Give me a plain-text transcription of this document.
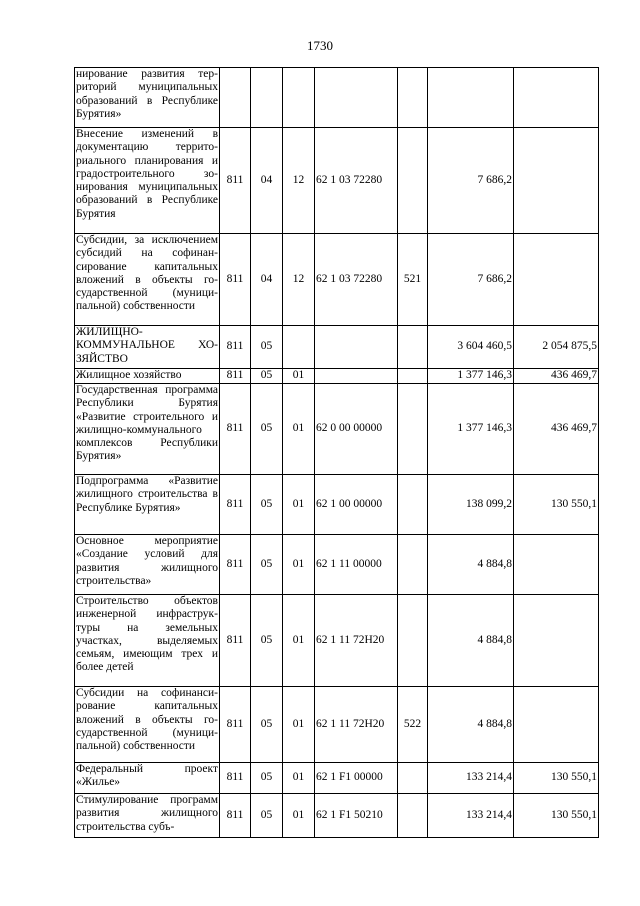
1730
нирование развития территорий муниципальных образований в Республике Бурятия»							
Внесение изменений в документацию территориального планирования и градостроительного зонирования муниципальных образований в Республике Бурятия	811	04	12	62 1 03 72280		7 686,2	
Субсидии, за исключением субсидий на софинансирование капитальных вложений в объекты государственной (муниципальной) собственности	811	04	12	62 1 03 72280	521	7 686,2	
ЖИЛИЩНО-КОММУНАЛЬНОЕ ХОЗЯЙСТВО	811	05				3 604 460,5	2 054 875,5
Жилищное хозяйство	811	05	01			1 377 146,3	436 469,7
Государственная программа Республики Бурятия «Развитие строительного и жилищно-коммунального комплексов Республики Бурятия»	811	05	01	62 0 00 00000		1 377 146,3	436 469,7
Подпрограмма «Развитие жилищного строительства в Республике Бурятия»	811	05	01	62 1 00 00000		138 099,2	130 550,1
Основное мероприятие «Создание условий для развития жилищного строительства»	811	05	01	62 1 11 00000		4 884,8	
Строительство объектов инженерной инфраструктуры на земельных участках, выделяемых семьям, имеющим трех и более детей	811	05	01	62 1 11 72Н20		4 884,8	
Субсидии на софинансирование капитальных вложений в объекты государственной (муниципальной) собственности	811	05	01	62 1 11 72Н20	522	4 884,8	
Федеральный проект «Жилье»	811	05	01	62 1 F1 00000		133 214,4	130 550,1
Стимулирование программ развития жилищного строительства субъ-	811	05	01	62 1 F1 50210		133 214,4	130 550,1
